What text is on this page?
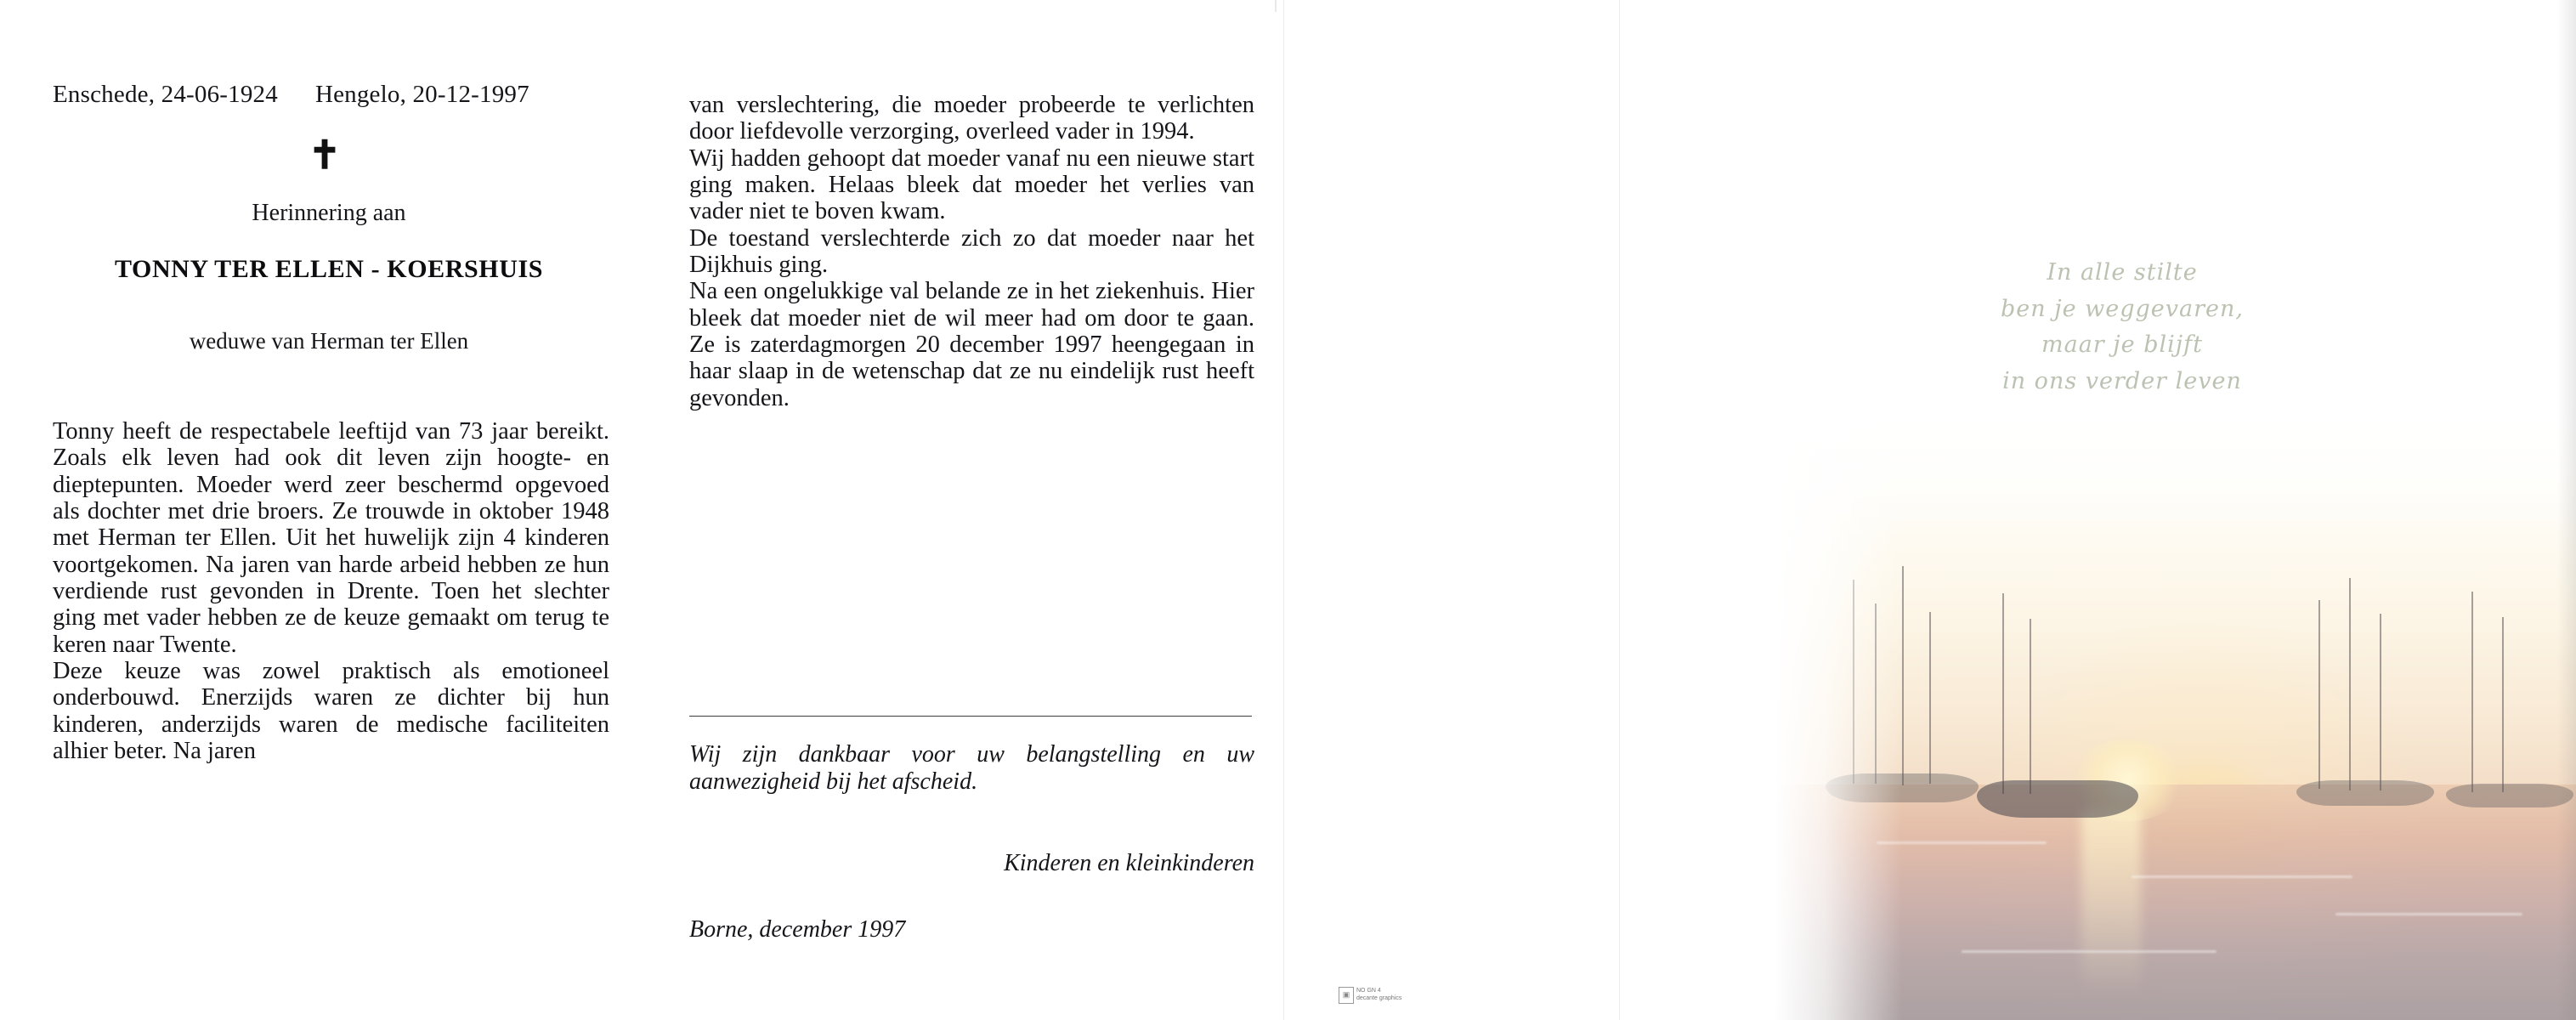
Enschede, 24-06-1924 Hengelo, 20-12-1997
✝
Herinnering aan
TONNY TER ELLEN - KOERSHUIS
weduwe van Herman ter Ellen

Tonny heeft de respectabele leeftijd van 73 jaar bereikt. Zoals elk leven had ook dit leven zijn hoogte- en dieptepunten. Moeder werd zeer beschermd opgevoed als dochter met drie broers. Ze trouwde in oktober 1948 met Herman ter Ellen. Uit het huwelijk zijn 4 kinderen voortgekomen. Na jaren van harde arbeid hebben ze hun verdiende rust gevonden in Drente. Toen het slechter ging met vader hebben ze de keuze gemaakt om terug te keren naar Twente.

Deze keuze was zowel praktisch als emotioneel onderbouwd. Enerzijds waren ze dichter bij hun kinderen, anderzijds waren de medische faciliteiten alhier beter. Na jaren

van verslechtering, die moeder probeerde te verlichten door liefdevolle verzorging, overleed vader in 1994.

Wij hadden gehoopt dat moeder vanaf nu een nieuwe start ging maken. Helaas bleek dat moeder het verlies van vader niet te boven kwam.

De toestand verslechterde zich zo dat moeder naar het Dijkhuis ging.

Na een ongelukkige val belande ze in het ziekenhuis. Hier bleek dat moeder niet de wil meer had om door te gaan. Ze is zaterdagmorgen 20 december 1997 heengegaan in haar slaap in de wetenschap dat ze nu eindelijk rust heeft gevonden.

Wij zijn dankbaar voor uw belangstelling en uw aanwezigheid bij het afscheid.
Kinderen en kleinkinderen
Borne, december 1997
▣	NO GN 4
decante graphics
In alle stilte
ben je weggevaren,
maar je blijft
in ons verder leven
